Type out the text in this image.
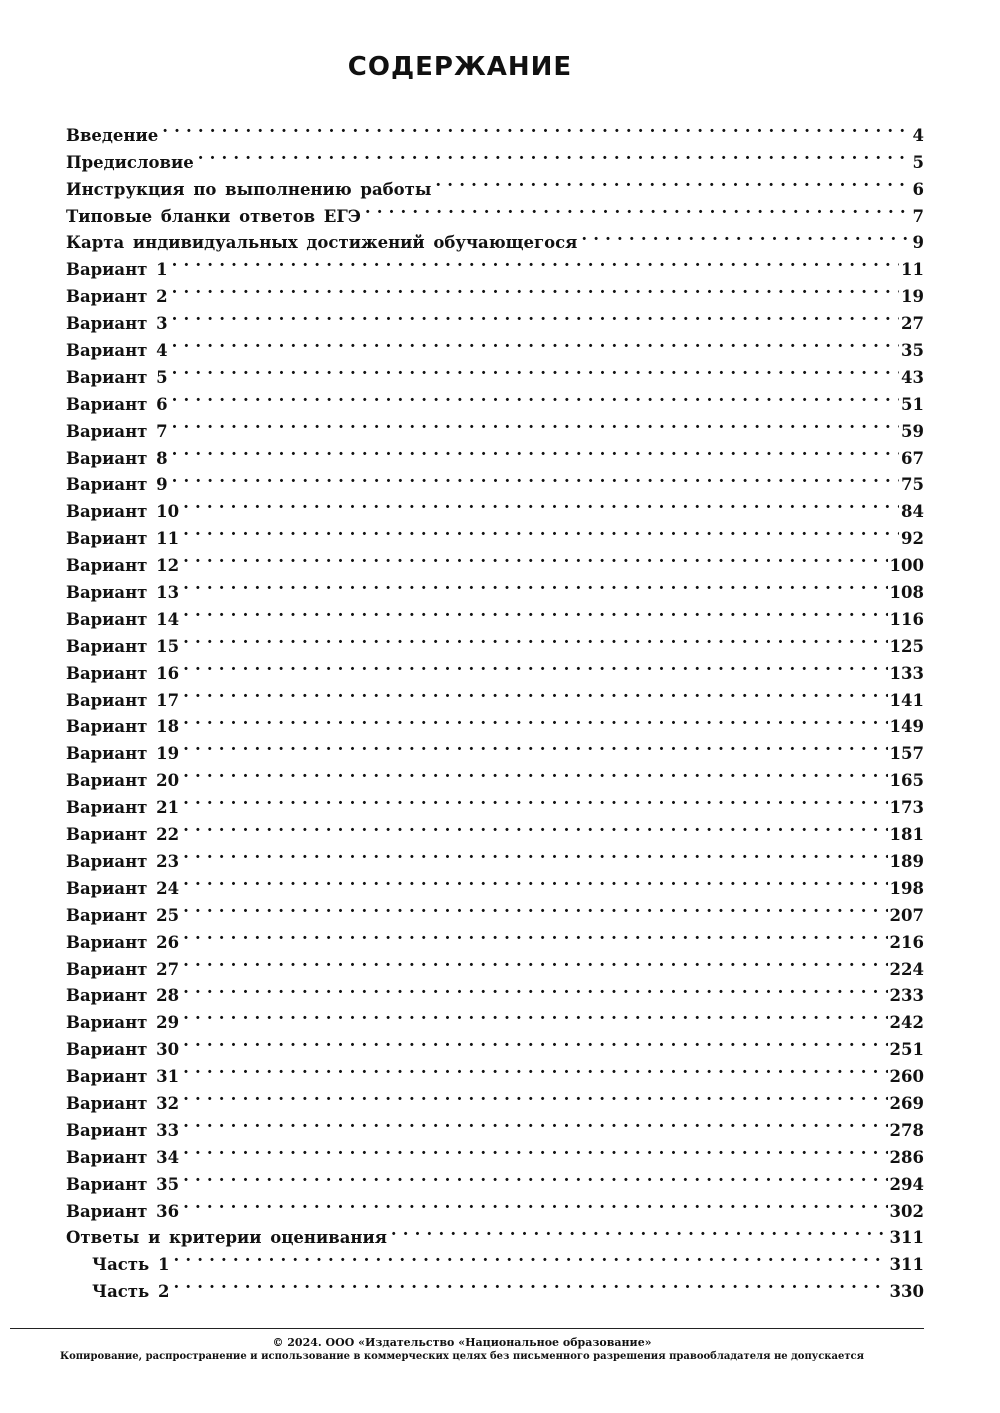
СОДЕРЖАНИЕ
Введение . . .	4
Предисловие . . .	5
Инструкция по выполнению работы . . .	6
Типовые бланки ответов ЕГЭ . . .	7
Карта индивидуальных достижений обучающегося . . .	9
Вариант 1 . . .	11
Вариант 2 . . .	19
Вариант 3 . . .	27
Вариант 4 . . .	35
Вариант 5 . . .	43
Вариант 6 . . .	51
Вариант 7 . . .	59
Вариант 8 . . .	67
Вариант 9 . . .	75
Вариант 10 . . .	84
Вариант 11 . . .	92
Вариант 12 . . .	100
Вариант 13 . . .	108
Вариант 14 . . .	116
Вариант 15 . . .	125
Вариант 16 . . .	133
Вариант 17 . . .	141
Вариант 18 . . .	149
Вариант 19 . . .	157
Вариант 20 . . .	165
Вариант 21 . . .	173
Вариант 22 . . .	181
Вариант 23 . . .	189
Вариант 24 . . .	198
Вариант 25 . . .	207
Вариант 26 . . .	216
Вариант 27 . . .	224
Вариант 28 . . .	233
Вариант 29 . . .	242
Вариант 30 . . .	251
Вариант 31 . . .	260
Вариант 32 . . .	269
Вариант 33 . . .	278
Вариант 34 . . .	286
Вариант 35 . . .	294
Вариант 36 . . .	302
Ответы и критерии оценивания . . .	311
Часть 1 . . .	311
Часть 2 . . .	330
© 2024. ООО «Издательство «Национальное образование»
Копирование, распространение и использование в коммерческих целях без письменного разрешения правообладателя не допускается
